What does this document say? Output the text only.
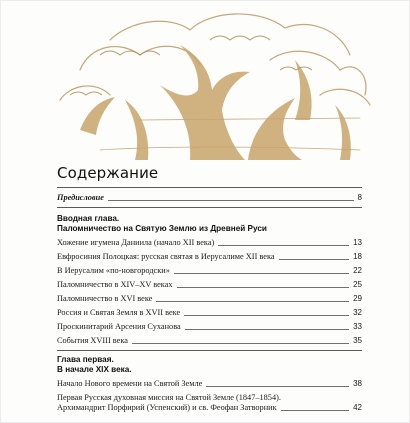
Содержание
Предисловие	8
Вводная глава.
Паломничество на Святую Землю из Древней Руси
Хожение игумена Даниила (начало XII века)	13
Евфросиния Полоцкая: русская святая в Иерусалиме XII века	18
В Иерусалим «по-новгородски»	22
Паломничество в XIV–XV веках	25
Паломничество в XVI веке	29
Россия и Святая Земля в XVII веке	32
Проскинитарий Арсения Суханова	33
События XVIII века	35
Глава первая.
В начале XIX века.
Начало Нового времени на Святой Земле	38
Первая Русская духовная миссия на Святой Земле (1847–1854).
Архимандрит Порфирий (Успенский) и св. Феофан Затворник	42
